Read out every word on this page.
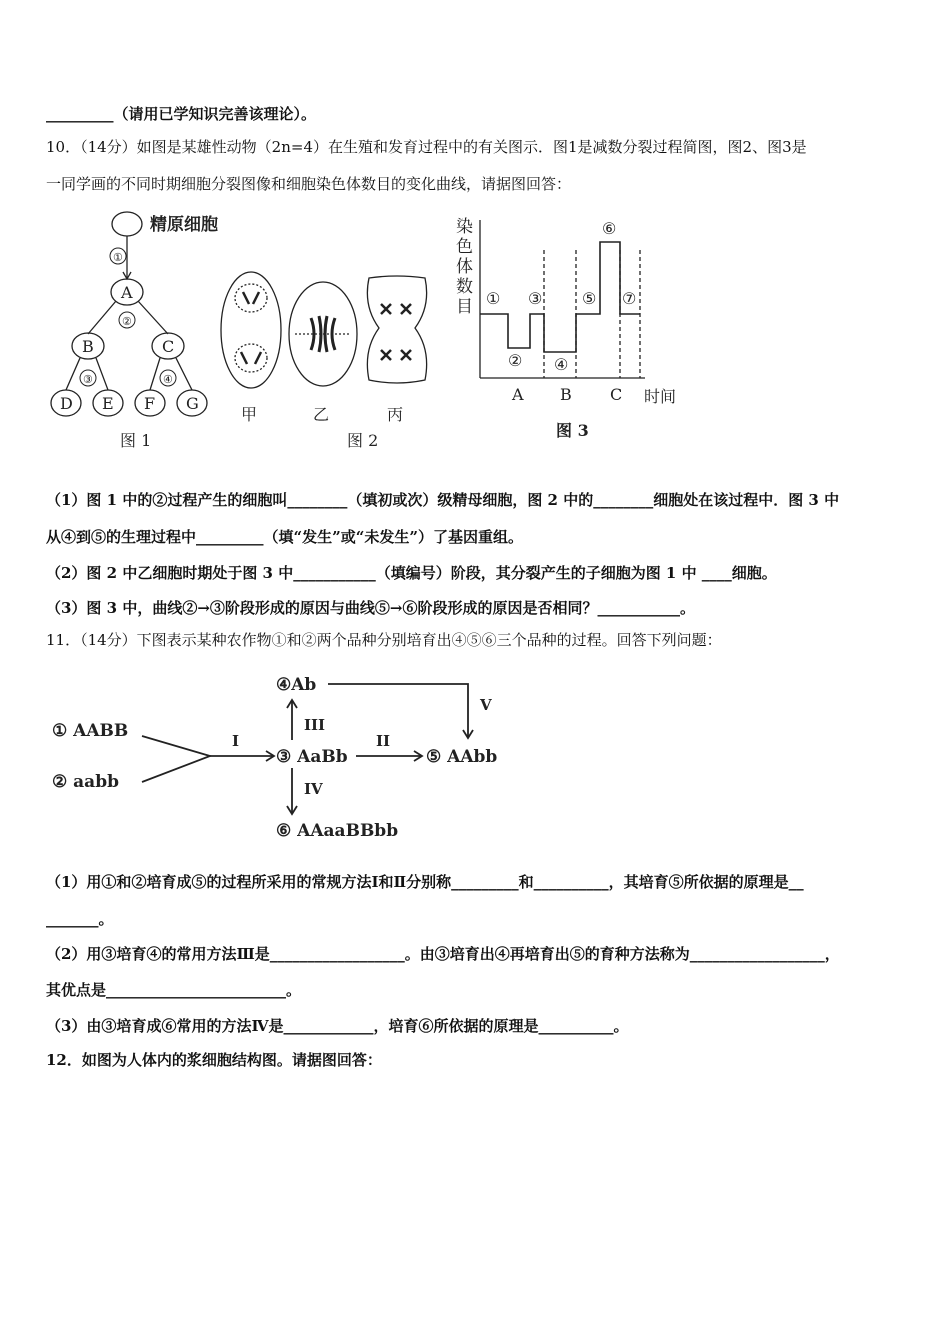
_________（请用已学知识完善该理论）。
10．（14分）如图是某雄性动物（2n=4）在生殖和发育过程中的有关图示．图1是减数分裂过程简图，图2、图3是
一同学画的不同时期细胞分裂图像和细胞染色体数目的变化曲线，请据图回答：
精原细胞
①
A
②
B	C
③	④
D E F G
图 1
甲	乙	丙
图 2
染
色
体
数
目 ①
②
③
④
⑤
⑥
⑦
A B C 时间
图 3
（1）图 1 中的②过程产生的细胞叫________（填初或次）级精母细胞，图 2 中的________细胞处在该过程中．图 3 中
从④到⑤的生理过程中_________（填“发生”或“未发生”）了基因重组。
（2）图 2 中乙细胞时期处于图 3 中___________（填编号）阶段，其分裂产生的子细胞为图 1 中 ____细胞。
（3）图 3 中，曲线②→③阶段形成的原因与曲线⑤→⑥阶段形成的原因是否相同？___________。
11．（14分）下图表示某种农作物①和②两个品种分别培育出④⑤⑥三个品种的过程。回答下列问题：
① AABB
② aabb
③ AaBb
④Ab
⑤ AAbb
⑥ AAaaBBbb
I	II
III
IV
V
（1）用①和②培育成⑤的过程所采用的常规方法Ⅰ和Ⅱ分别称_________和__________，其培育⑤所依据的原理是__
_______。
（2）用③培育④的常用方法Ⅲ是__________________。由③培育出④再培育出⑤的育种方法称为__________________，
其优点是________________________。
（3）由③培育成⑥常用的方法Ⅳ是____________，培育⑥所依据的原理是__________。
12．如图为人体内的浆细胞结构图。请据图回答：
